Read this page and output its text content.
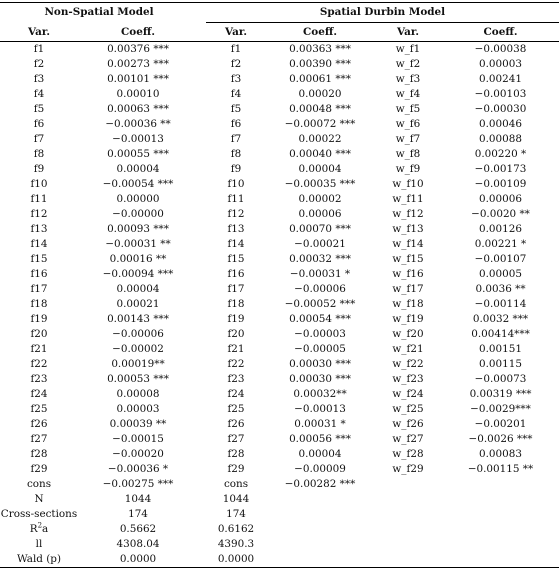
Non-Spatial Model			Spatial Durbin Model			
Var.	Coeff.		Var.	Coeff.	Var.	Coeff.
f1	0.00376 ***		f1	0.00363 ***	w_f1	−0.00038
f2	0.00273 ***		f2	0.00390 ***	w_f2	0.00003
f3	0.00101 ***		f3	0.00061 ***	w_f3	0.00241
f4	0.00010		f4	0.00020	w_f4	−0.00103
f5	0.00063 ***		f5	0.00048 ***	w_f5	−0.00030
f6	−0.00036 **		f6	−0.00072 ***	w_f6	0.00046
f7	−0.00013		f7	0.00022	w_f7	0.00088
f8	0.00055 ***		f8	0.00040 ***	w_f8	0.00220 *
f9	0.00004		f9	0.00004	w_f9	−0.00173
f10	−0.00054 ***		f10	−0.00035 ***	w_f10	−0.00109
f11	0.00000		f11	0.00002	w_f11	0.00006
f12	−0.00000		f12	0.00006	w_f12	−0.0020 **
f13	0.00093 ***		f13	0.00070 ***	w_f13	0.00126
f14	−0.00031 **		f14	−0.00021	w_f14	0.00221 *
f15	0.00016 **		f15	0.00032 ***	w_f15	−0.00107
f16	−0.00094 ***		f16	−0.00031 *	w_f16	0.00005
f17	0.00004		f17	−0.00006	w_f17	0.0036 **
f18	0.00021		f18	−0.00052 ***	w_f18	−0.00114
f19	0.00143 ***		f19	0.00054 ***	w_f19	0.0032 ***
f20	−0.00006		f20	−0.00003	w_f20	0.00414***
f21	−0.00002		f21	−0.00005	w_f21	0.00151
f22	0.00019**		f22	0.00030 ***	w_f22	0.00115
f23	0.00053 ***		f23	0.00030 ***	w_f23	−0.00073
f24	0.00008		f24	0.00032**	w_f24	0.00319 ***
f25	0.00003		f25	−0.00013	w_f25	−0.0029***
f26	0.00039 **		f26	0.00031 *	w_f26	−0.00201
f27	−0.00015		f27	0.00056 ***	w_f27	−0.0026 ***
f28	−0.00020		f28	0.00004	w_f28	0.00083
f29	−0.00036 *		f29	−0.00009	w_f29	−0.00115 **
cons	−0.00275 ***		cons	−0.00282 ***		
N	1044		1044			
Cross-sections	174		174			
$R^2a$	0.5662		0.6162			
ll	4308.04		4390.3			
Wald (p)	0.0000		0.0000			
